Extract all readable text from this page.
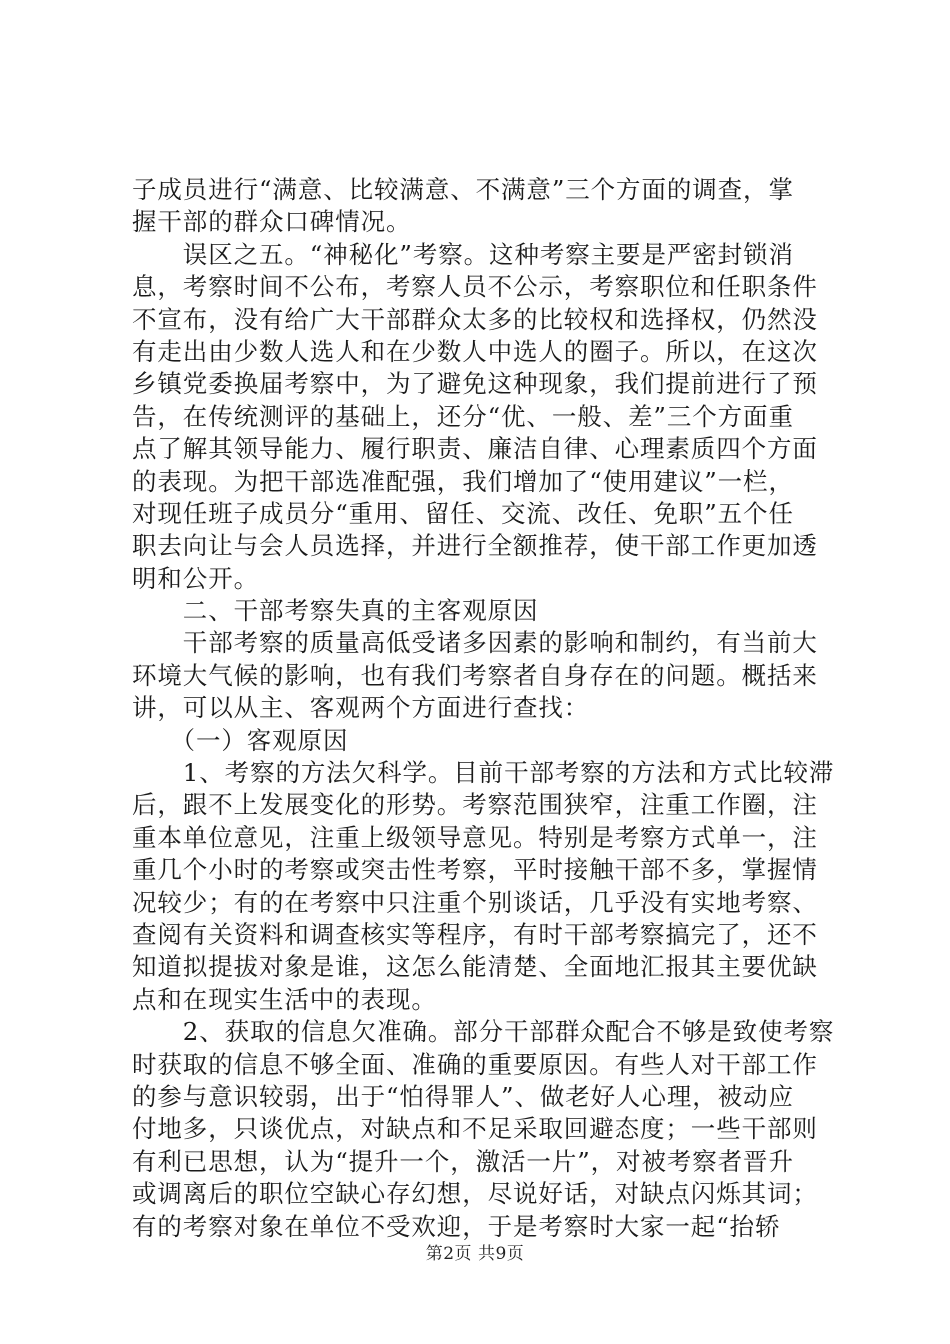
子成员进行“满意、比较满意、不满意”三个方面的调查，掌
握干部的群众口碑情况。
　　误区之五。“神秘化”考察。这种考察主要是严密封锁消
息，考察时间不公布，考察人员不公示，考察职位和任职条件
不宣布，没有给广大干部群众太多的比较权和选择权，仍然没
有走出由少数人选人和在少数人中选人的圈子。所以，在这次
乡镇党委换届考察中，为了避免这种现象，我们提前进行了预
告，在传统测评的基础上，还分“优、一般、差”三个方面重
点了解其领导能力、履行职责、廉洁自律、心理素质四个方面
的表现。为把干部选准配强，我们增加了“使用建议”一栏，
对现任班子成员分“重用、留任、交流、改任、免职”五个任
职去向让与会人员选择，并进行全额推荐，使干部工作更加透
明和公开。
　　二、干部考察失真的主客观原因
　　干部考察的质量高低受诸多因素的影响和制约，有当前大
环境大气候的影响，也有我们考察者自身存在的问题。概括来
讲，可以从主、客观两个方面进行查找：
　　（一）客观原因
　　1、考察的方法欠科学。目前干部考察的方法和方式比较滞
后，跟不上发展变化的形势。考察范围狭窄，注重工作圈，注
重本单位意见，注重上级领导意见。特别是考察方式单一，注
重几个小时的考察或突击性考察，平时接触干部不多，掌握情
况较少；有的在考察中只注重个别谈话，几乎没有实地考察、
查阅有关资料和调查核实等程序，有时干部考察搞完了，还不
知道拟提拔对象是谁，这怎么能清楚、全面地汇报其主要优缺
点和在现实生活中的表现。
　　2、获取的信息欠准确。部分干部群众配合不够是致使考察
时获取的信息不够全面、准确的重要原因。有些人对干部工作
的参与意识较弱，出于“怕得罪人”、做老好人心理，被动应
付地多，只谈优点，对缺点和不足采取回避态度；一些干部则
有利已思想，认为“提升一个，激活一片”，对被考察者晋升
或调离后的职位空缺心存幻想，尽说好话，对缺点闪烁其词；
有的考察对象在单位不受欢迎，于是考察时大家一起“抬轿
第2页 共9页
